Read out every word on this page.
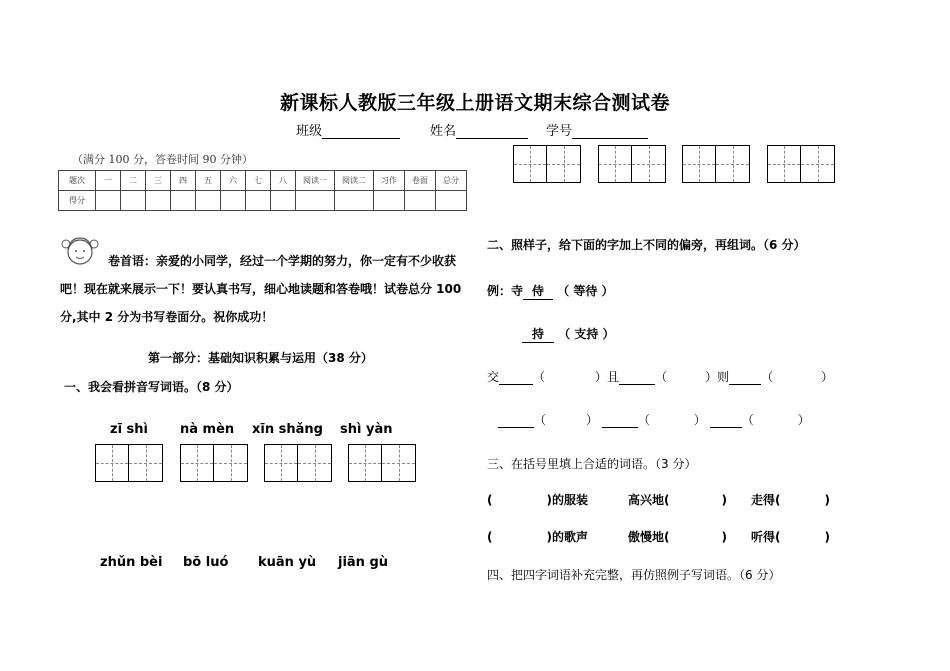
新课标人教版三年级上册语文期末综合测试卷
班级	姓名	学号
（满分 100 分，答卷时间 90 分钟）
题次	一	二	三	四	五	六	七	八	阅读一	阅读二	习作	卷面	总分
得分													
卷首语：亲爱的小同学，经过一个学期的努力，你一定有不少收获吧！现在就来展示一下！要认真书写，细心地读题和答卷哦！试卷总分 100 分,其中 2 分为书写卷面分。祝你成功！
第一部分：基础知识积累与运用（38 分）
一、我会看拼音写词语。（8 分）
zī shì nà mèn xīn shǎng shì yàn
zhǔn bèi bō luó kuān yù jiān gù
二、照样子，给下面的字加上不同的偏旁，再组词。（6 分）
例：寺 侍 （ 等待 ）
持 （ 支持 ）
交	（	）且	（	）则	（	）
（	）	（	）	（	）
三、在括号里填上合适的词语。（3 分）
(	)的服装	高兴地(	) 走得(	)
(	)的歌声	傲慢地(	) 听得(	)
四、把四字词语补充完整，再仿照例子写词语。（6 分）
